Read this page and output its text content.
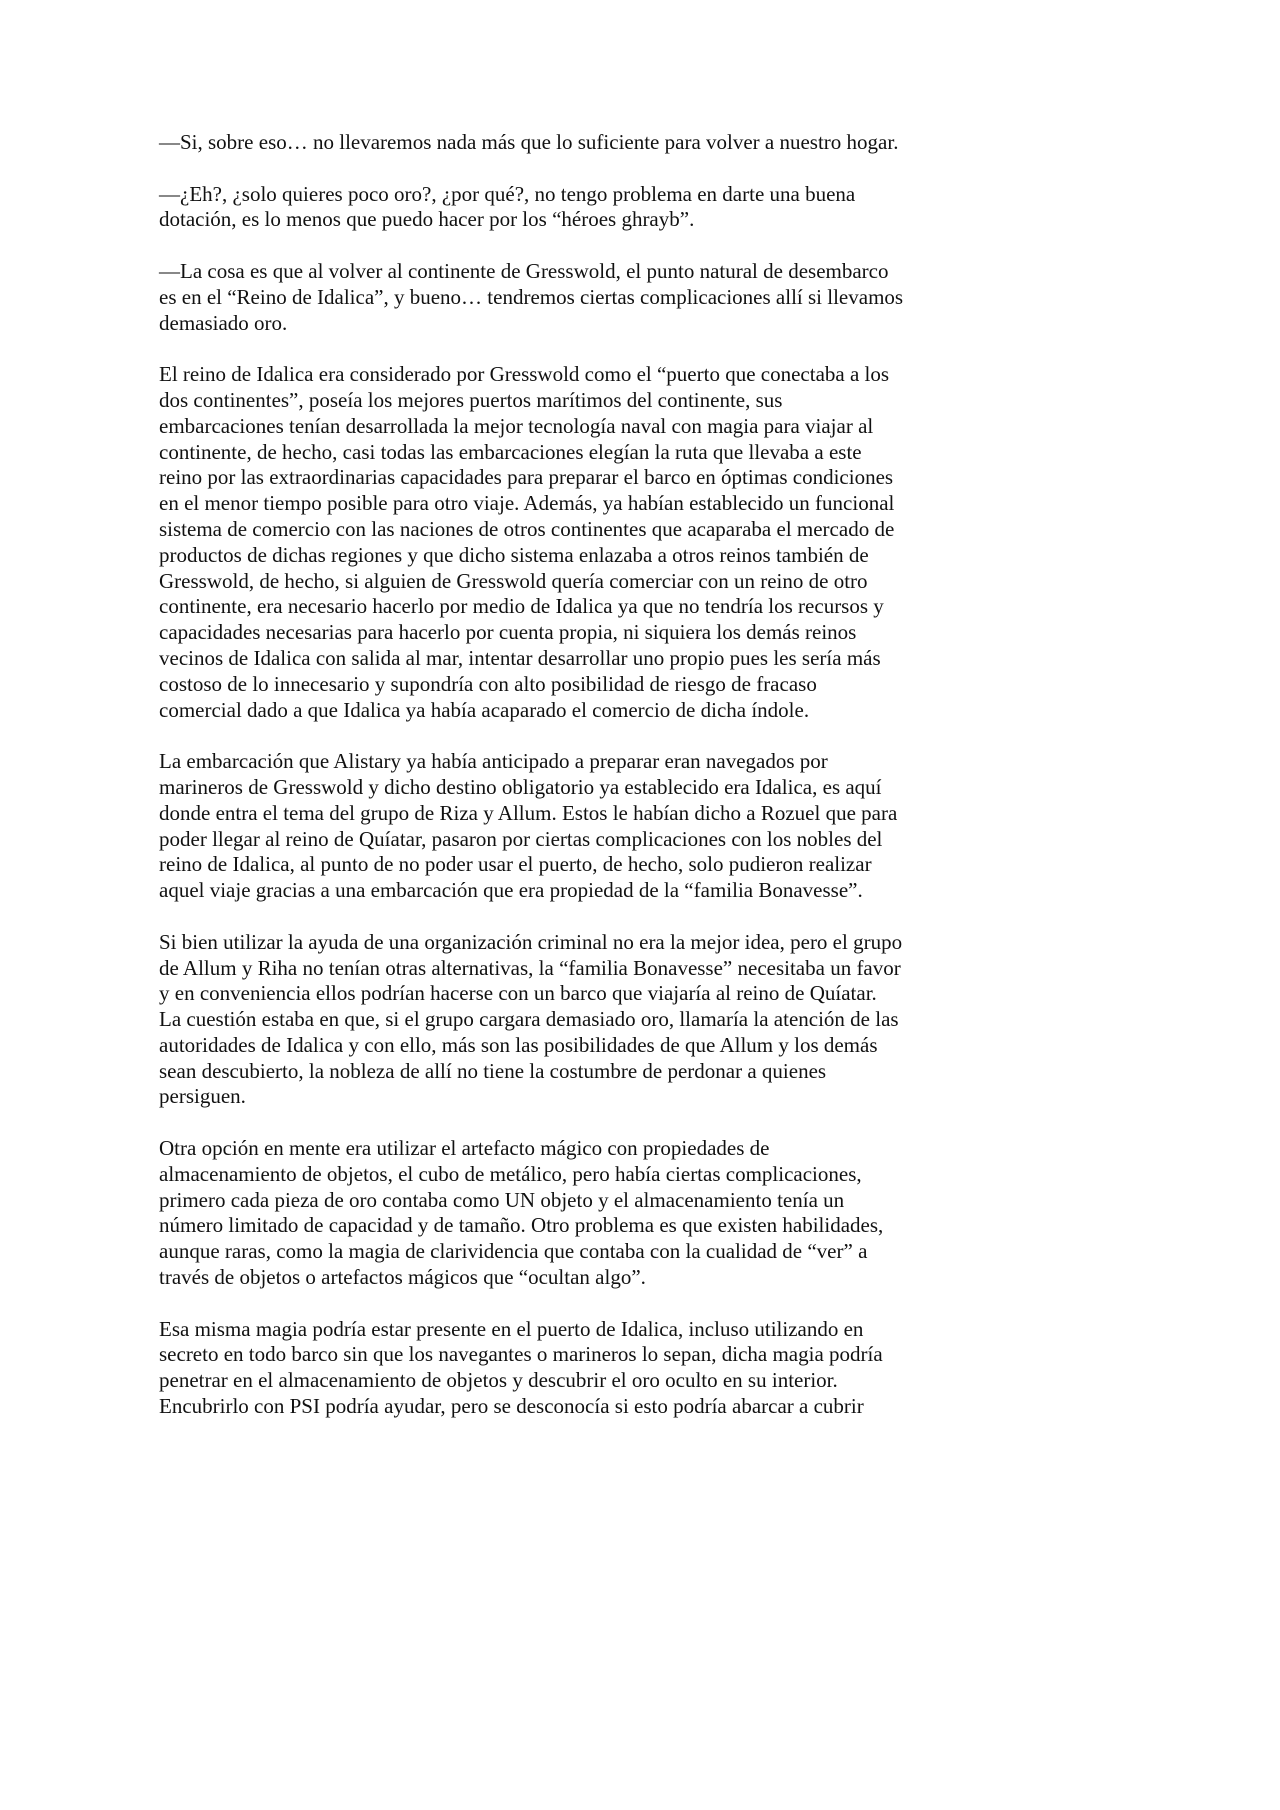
—Si, sobre eso… no llevaremos nada más que lo suficiente para volver a nuestro hogar.

—¿Eh?, ¿solo quieres poco oro?, ¿por qué?, no tengo problema en darte una buena
dotación, es lo menos que puedo hacer por los “héroes ghrayb”.

—La cosa es que al volver al continente de Gresswold, el punto natural de desembarco
es en el “Reino de Idalica”, y bueno… tendremos ciertas complicaciones allí si llevamos
demasiado oro.

El reino de Idalica era considerado por Gresswold como el “puerto que conectaba a los
dos continentes”, poseía los mejores puertos marítimos del continente, sus
embarcaciones tenían desarrollada la mejor tecnología naval con magia para viajar al
continente, de hecho, casi todas las embarcaciones elegían la ruta que llevaba a este
reino por las extraordinarias capacidades para preparar el barco en óptimas condiciones
en el menor tiempo posible para otro viaje. Además, ya habían establecido un funcional
sistema de comercio con las naciones de otros continentes que acaparaba el mercado de
productos de dichas regiones y que dicho sistema enlazaba a otros reinos también de
Gresswold, de hecho, si alguien de Gresswold quería comerciar con un reino de otro
continente, era necesario hacerlo por medio de Idalica ya que no tendría los recursos y
capacidades necesarias para hacerlo por cuenta propia, ni siquiera los demás reinos
vecinos de Idalica con salida al mar, intentar desarrollar uno propio pues les sería más
costoso de lo innecesario y supondría con alto posibilidad de riesgo de fracaso
comercial dado a que Idalica ya había acaparado el comercio de dicha índole.

La embarcación que Alistary ya había anticipado a preparar eran navegados por
marineros de Gresswold y dicho destino obligatorio ya establecido era Idalica, es aquí
donde entra el tema del grupo de Riza y Allum. Estos le habían dicho a Rozuel que para
poder llegar al reino de Quíatar, pasaron por ciertas complicaciones con los nobles del
reino de Idalica, al punto de no poder usar el puerto, de hecho, solo pudieron realizar
aquel viaje gracias a una embarcación que era propiedad de la “familia Bonavesse”.

Si bien utilizar la ayuda de una organización criminal no era la mejor idea, pero el grupo
de Allum y Riha no tenían otras alternativas, la “familia Bonavesse” necesitaba un favor
y en conveniencia ellos podrían hacerse con un barco que viajaría al reino de Quíatar.
La cuestión estaba en que, si el grupo cargara demasiado oro, llamaría la atención de las
autoridades de Idalica y con ello, más son las posibilidades de que Allum y los demás
sean descubierto, la nobleza de allí no tiene la costumbre de perdonar a quienes
persiguen.

Otra opción en mente era utilizar el artefacto mágico con propiedades de
almacenamiento de objetos, el cubo de metálico, pero había ciertas complicaciones,
primero cada pieza de oro contaba como UN objeto y el almacenamiento tenía un
número limitado de capacidad y de tamaño. Otro problema es que existen habilidades,
aunque raras, como la magia de clarividencia que contaba con la cualidad de “ver” a
través de objetos o artefactos mágicos que “ocultan algo”.

Esa misma magia podría estar presente en el puerto de Idalica, incluso utilizando en
secreto en todo barco sin que los navegantes o marineros lo sepan, dicha magia podría
penetrar en el almacenamiento de objetos y descubrir el oro oculto en su interior.
Encubrirlo con PSI podría ayudar, pero se desconocía si esto podría abarcar a cubrir
